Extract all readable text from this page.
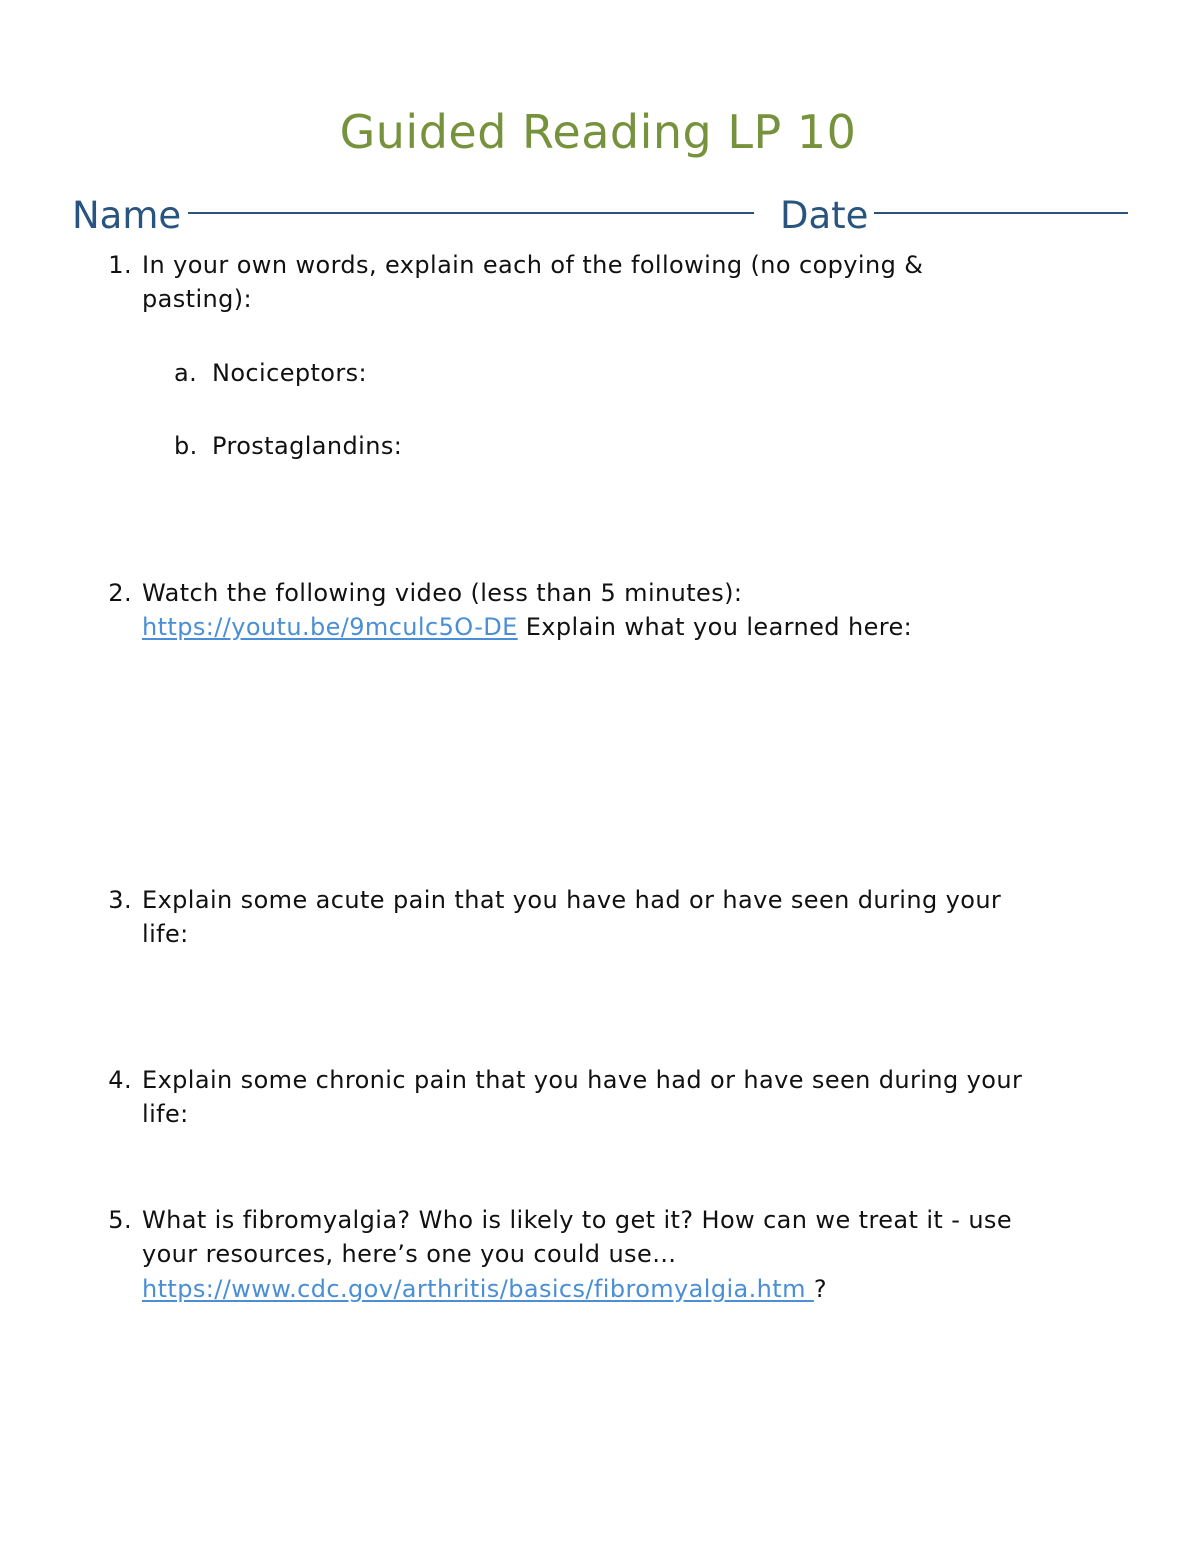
Guided Reading LP 10
Name	Date
1. In your own words, explain each of the following (no copying &
pasting):
a. Nociceptors:
b. Prostaglandins:
2. Watch the following video (less than 5 minutes):
https://youtu.be/9mculc5O-DE Explain what you learned here:
3. Explain some acute pain that you have had or have seen during your
life:
4. Explain some chronic pain that you have had or have seen during your
life:
5. What is fibromyalgia? Who is likely to get it? How can we treat it - use
your resources, here’s one you could use…
https://www.cdc.gov/arthritis/basics/fibromyalgia.htm ?
